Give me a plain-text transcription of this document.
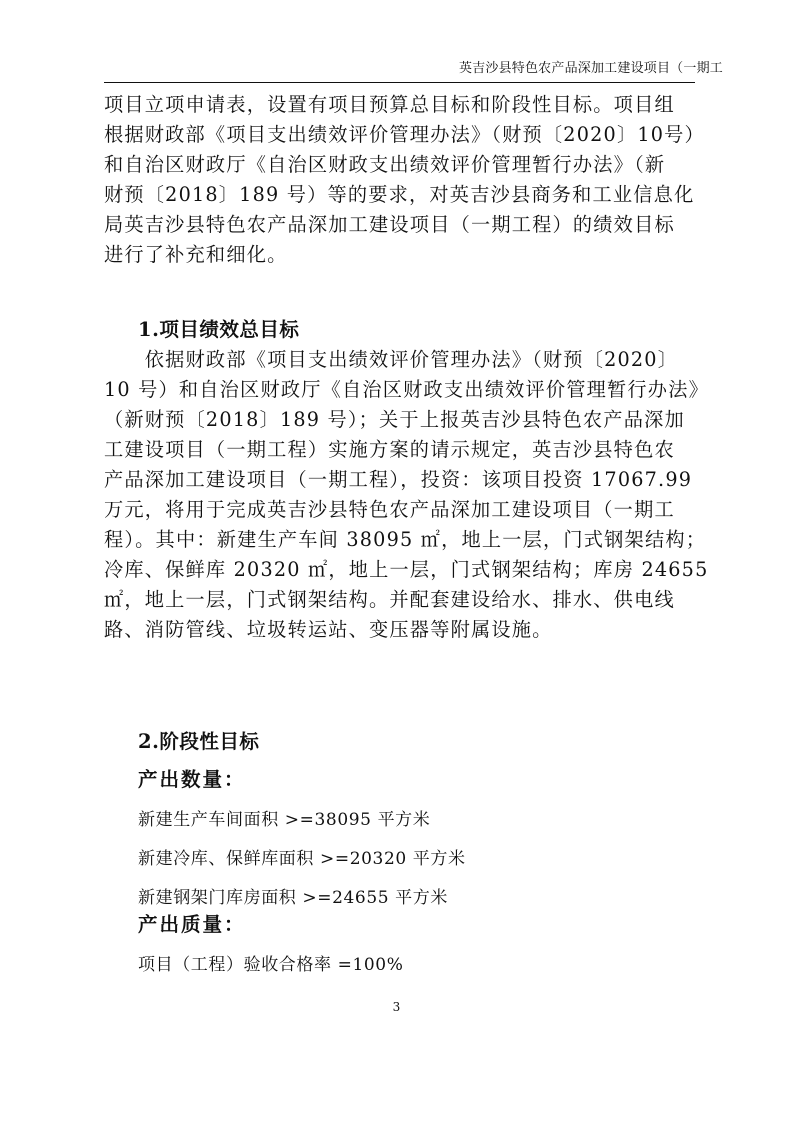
英吉沙县特色农产品深加工建设项目（一期工
项目立项申请表，设置有项目预算总目标和阶段性目标。项目组
根据财政部《项目支出绩效评价管理办法》（财预〔2020〕10号）
和自治区财政厅《自治区财政支出绩效评价管理暂行办法》（新
财预〔2018〕189 号）等的要求，对英吉沙县商务和工业信息化
局英吉沙县特色农产品深加工建设项目（一期工程）的绩效目标
进行了补充和细化。
1.项目绩效总目标
　　依据财政部《项目支出绩效评价管理办法》（财预〔2020〕
10 号）和自治区财政厅《自治区财政支出绩效评价管理暂行办法》
（新财预〔2018〕189 号）；关于上报英吉沙县特色农产品深加
工建设项目（一期工程）实施方案的请示规定，英吉沙县特色农
产品深加工建设项目（一期工程），投资：该项目投资 17067.99
万元，将用于完成英吉沙县特色农产品深加工建设项目（一期工
程）。其中：新建生产车间 38095 ㎡，地上一层，门式钢架结构；
冷库、保鲜库 20320 ㎡，地上一层，门式钢架结构；库房 24655
㎡，地上一层，门式钢架结构。并配套建设给水、排水、供电线
路、消防管线、垃圾转运站、变压器等附属设施。
2.阶段性目标
产出数量：
新建生产车间面积 >=38095 平方米
新建冷库、保鲜库面积 >=20320 平方米
新建钢架门库房面积 >=24655 平方米
产出质量：
项目（工程）验收合格率 =100%
3
